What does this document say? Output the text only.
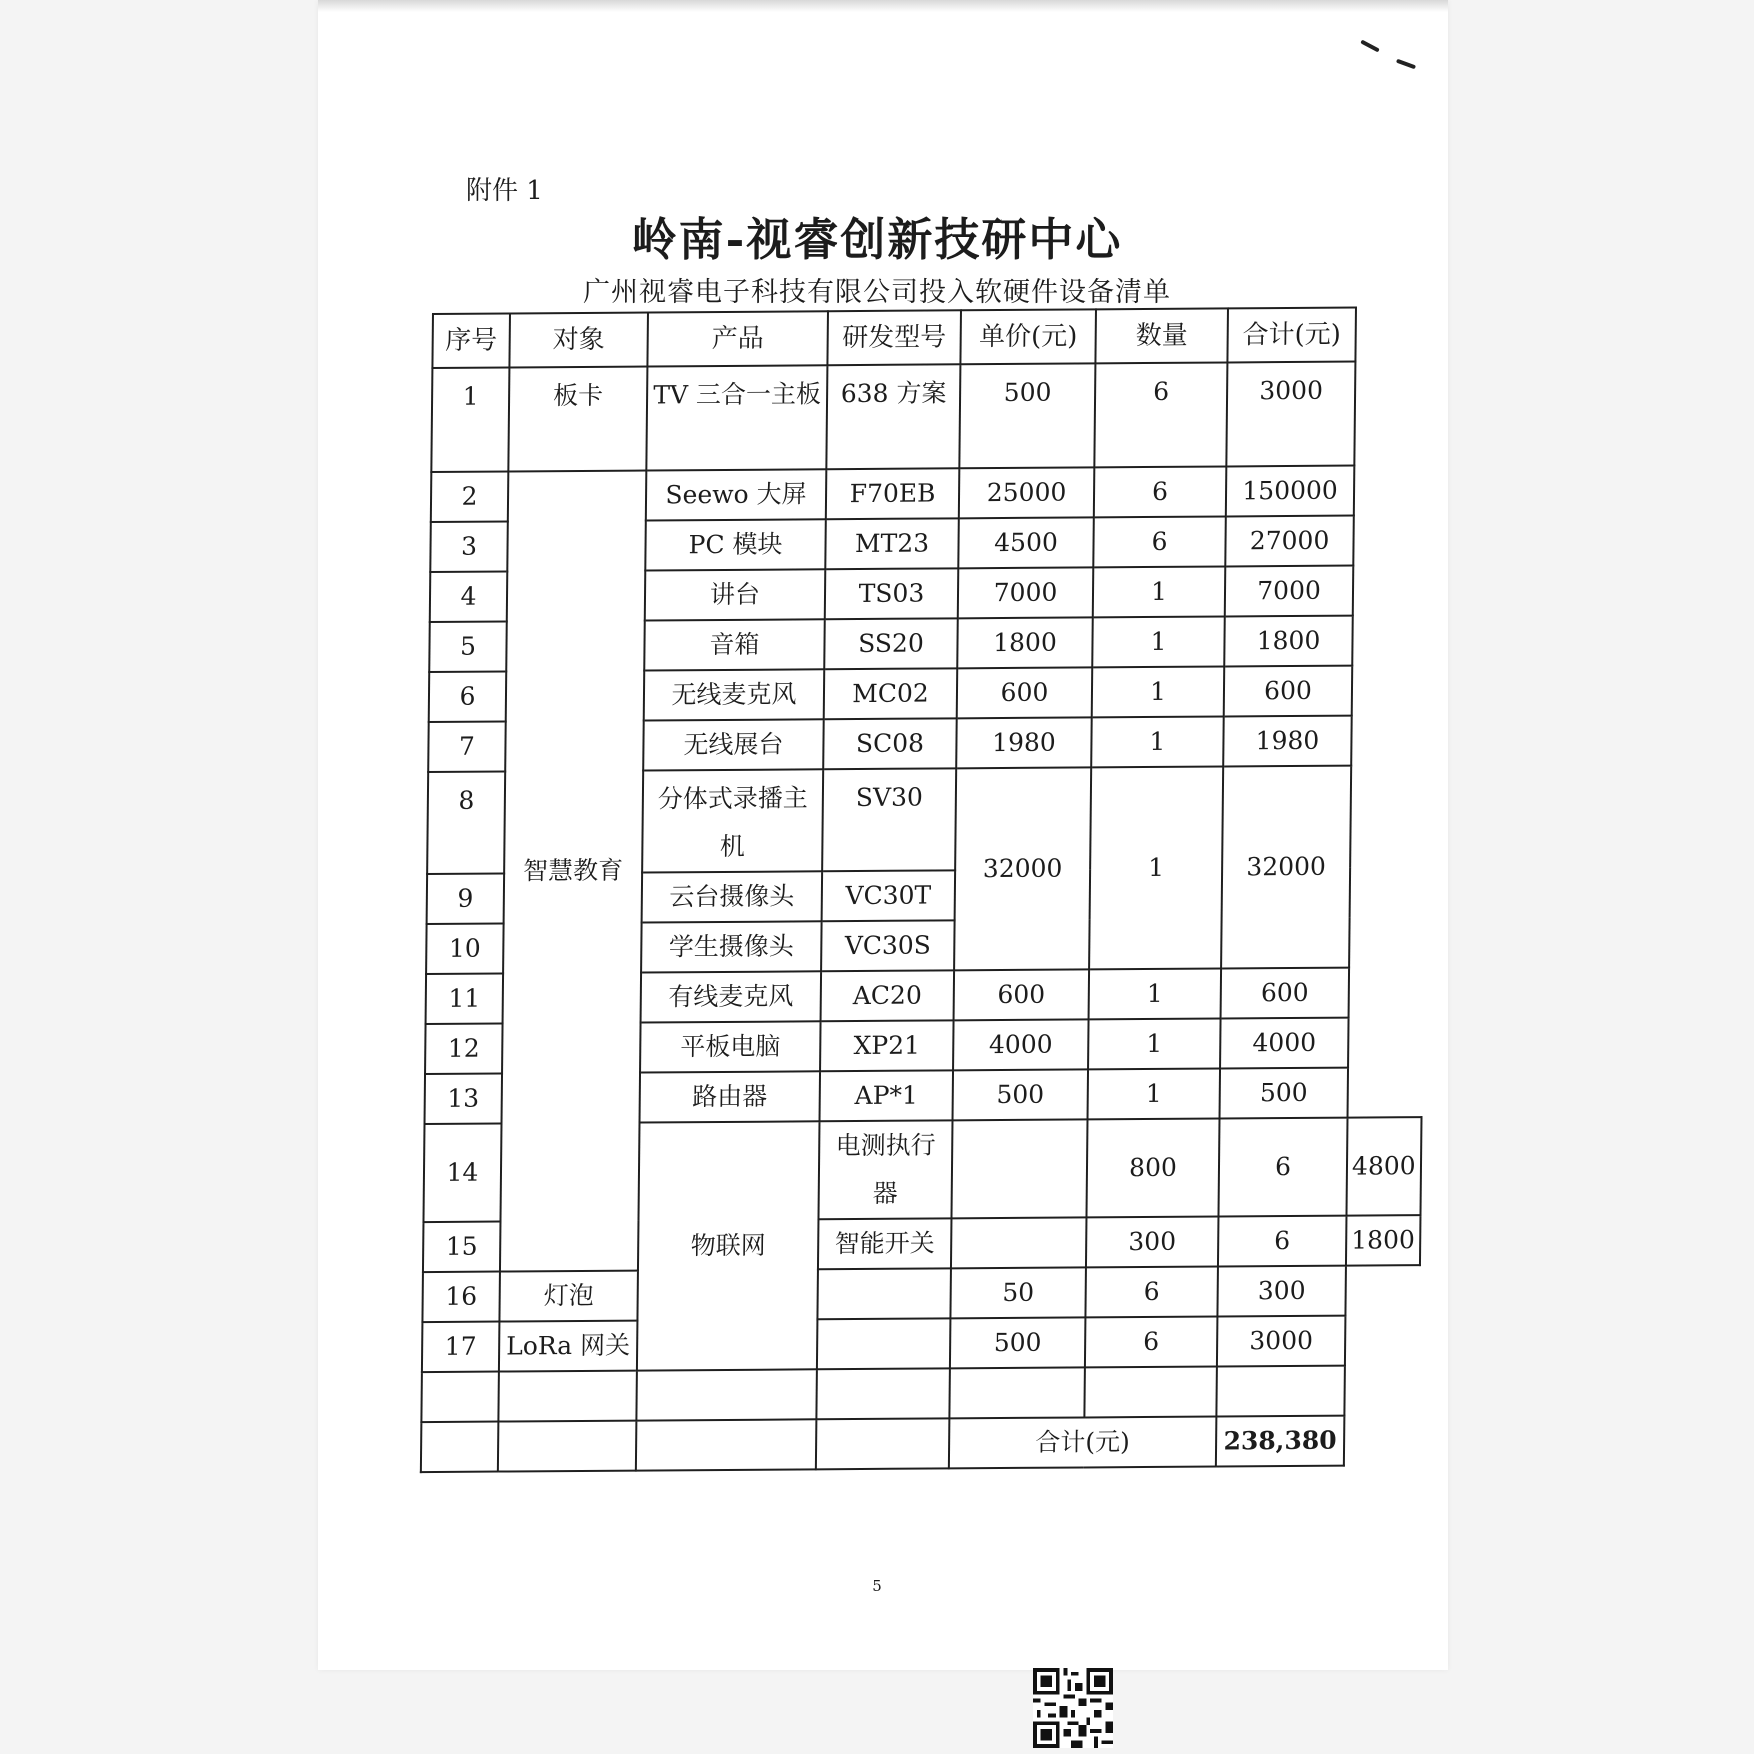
附件 1
岭南-视睿创新技研中心
广州视睿电子科技有限公司投入软硬件设备清单
序号	对象	产品	研发型号	单价(元)	数量	合计(元)	
1	板卡	TV 三合一主板	638 方案	500	6	3000	
2	智慧教育	Seewo 大屏	F70EB	25000	6	150000	
3		PC 模块	MT23	4500	6	27000	
4		讲台	TS03	7000	1	7000	
5		音箱	SS20	1800	1	1800	
6		无线麦克风	MC02	600	1	600	
7		无线展台	SC08	1980	1	1980	
8		分体式录播主机	SV30	32000	1	32000	
9		云台摄像头	VC30T				
10		学生摄像头	VC30S				
11		有线麦克风	AC20	600	1	600	
12		平板电脑	XP21	4000	1	4000	
13		路由器	AP*1	500	1	500	
14		物联网	电测执行器		800	6	4800
15			智能开关		300	6	1800
16	灯泡			50	6	300	
17	LoRa 网关			500	6	3000	

				合计(元)		238,380	
5
